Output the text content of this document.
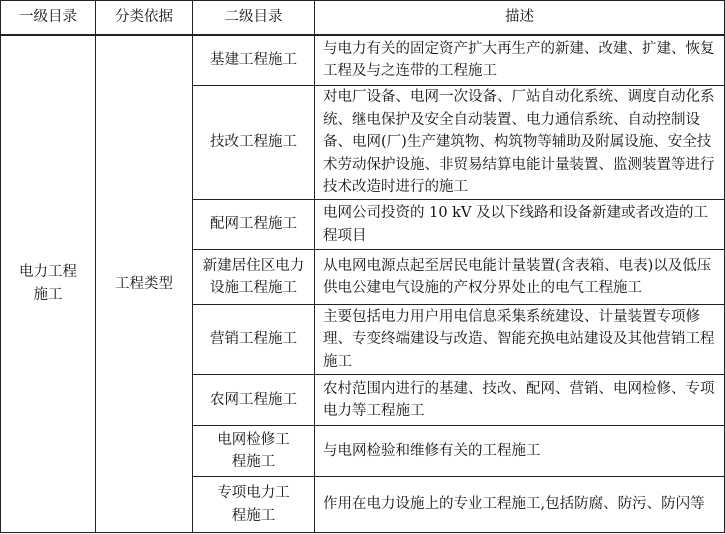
一级目录	分类依据	二级目录	描述
电力工程施工	工程类型	基建工程施工	与电力有关的固定资产扩大再生产的新建、改建、扩建、恢复工程及与之连带的工程施工
		技改工程施工	对电厂设备、电网一次设备、厂站自动化系统、调度自动化系统、继电保护及安全自动装置、电力通信系统、自动控制设备、电网(厂)生产建筑物、构筑物等辅助及附属设施、安全技术劳动保护设施、非贸易结算电能计量装置、监测装置等进行技术改造时进行的施工
		配网工程施工	电网公司投资的 10 kV 及以下线路和设备新建或者改造的工程项目
		新建居住区电力设施工程施工	从电网电源点起至居民电能计量装置(含表箱、电表)以及低压供电公建电气设施的产权分界处止的电气工程施工
		营销工程施工	主要包括电力用户用电信息采集系统建设、计量装置专项修理、专变终端建设与改造、智能充换电站建设及其他营销工程施工
		农网工程施工	农村范围内进行的基建、技改、配网、营销、电网检修、专项电力等工程施工
		电网检修工程施工	与电网检验和维修有关的工程施工
		专项电力工程施工	作用在电力设施上的专业工程施工,包括防腐、防污、防闪等
